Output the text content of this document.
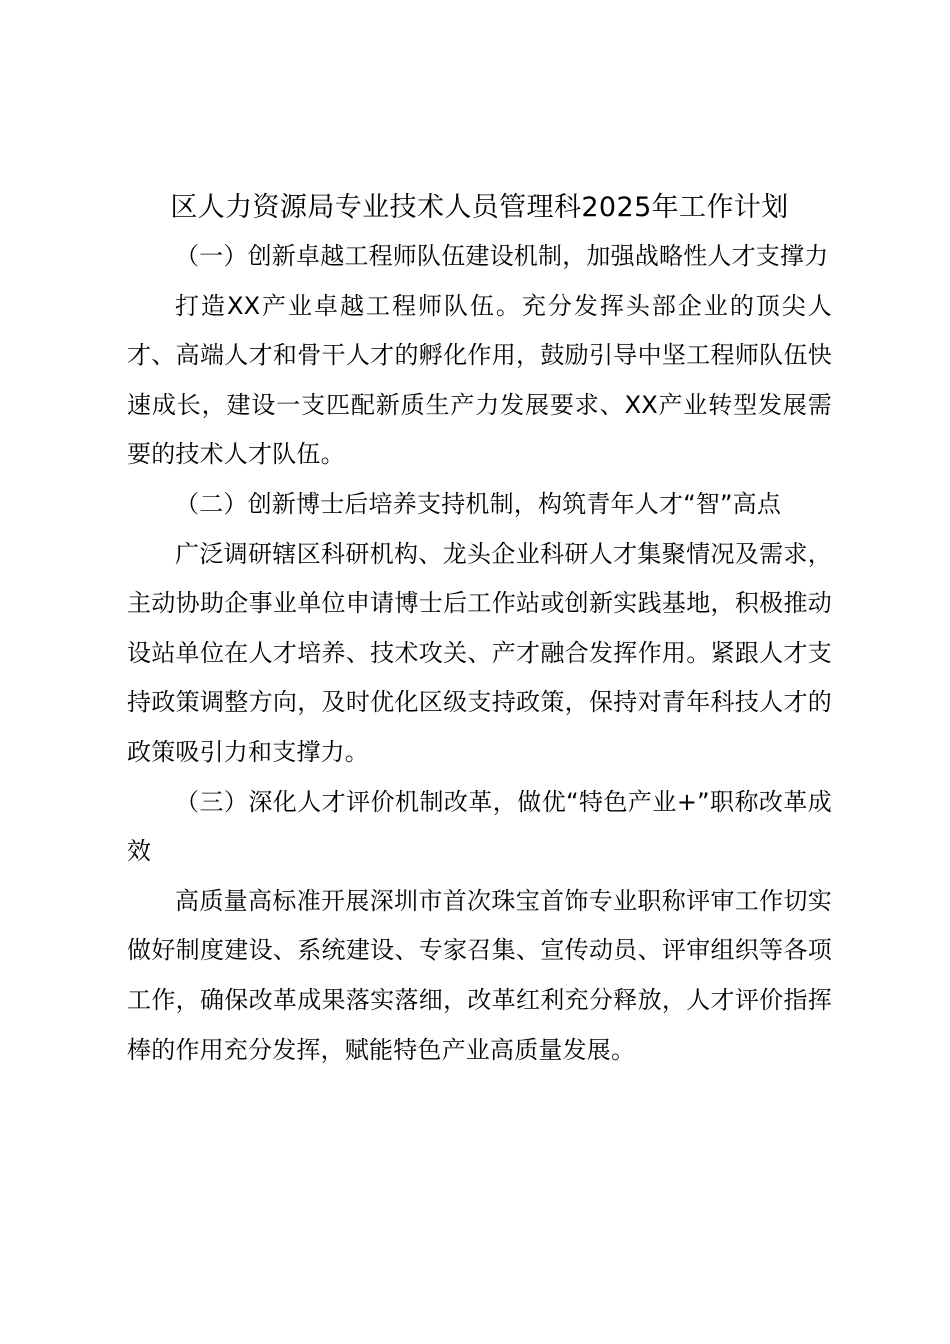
区人力资源局专业技术人员管理科2025年工作计划

（一）创新卓越工程师队伍建设机制，加强战略性人才支撑力

打造XX产业卓越工程师队伍。充分发挥头部企业的顶尖人才、高端人才和骨干人才的孵化作用，鼓励引导中坚工程师队伍快速成长，建设一支匹配新质生产力发展要求、XX产业转型发展需要的技术人才队伍。

（二）创新博士后培养支持机制，构筑青年人才“智”高点

广泛调研辖区科研机构、龙头企业科研人才集聚情况及需求，主动协助企事业单位申请博士后工作站或创新实践基地，积极推动设站单位在人才培养、技术攻关、产才融合发挥作用。紧跟人才支持政策调整方向，及时优化区级支持政策，保持对青年科技人才的政策吸引力和支撑力。

（三）深化人才评价机制改革，做优“特色产业+”职称改革成效

高质量高标准开展深圳市首次珠宝首饰专业职称评审工作切实做好制度建设、系统建设、专家召集、宣传动员、评审组织等各项工作，确保改革成果落实落细，改革红利充分释放，人才评价指挥棒的作用充分发挥，赋能特色产业高质量发展。
